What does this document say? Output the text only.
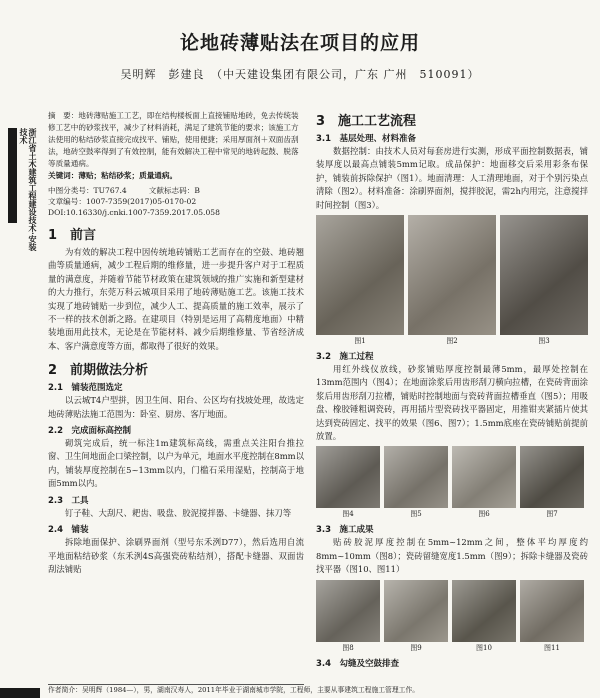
论地砖薄贴法在项目的应用
吴明辉　彭建良　（中天建设集团有限公司，广东 广州　510091）
浙江省土木建筑工程建设技术·安装技术
摘　要：地砖薄贴施工工艺，即在结构楼板面上直接铺贴地砖，免去传统装修工艺中的砂浆找平，减少了材料消耗，满足了建筑节能的要求；该施工方法使用的粘结砂浆直接完成找平、铺贴，使用便捷；采用厚面剂＋双面齿刮法，地砖空鼓率得到了有效控制，能有效解决工程中常见的地砖起鼓、脱落等质量通病。
关键词：薄贴；粘结砂浆；质量通病。
中图分类号：TU767.4	文献标志码：B
文章编号：1007-7359(2017)05-0170-02
DOI:10.16330/j.cnki.1007-7359.2017.05.058
1　前言

为有效的解决工程中因传统地砖铺贴工艺而存在的空鼓、地砖翘曲等质量通病，减少工程后期的维修量，进一步提升客户对于工程质量的满意度，并随着节能节材政策在建筑领域的推广实施和新型建材的大力推行，东莞万科云城项目采用了地砖薄贴施工艺。该施工技术实现了地砖铺贴一步到位，减少人工、提高质量的施工效率，展示了不一样的技术创新之路。在建项目（特别是运用了高精度地面）中精装地面用此技术，无论是在节能材料、减少后期维修量、节省经济成本、客户满意度等方面，都取得了很好的效果。

2　前期做法分析
2.1　铺装范围选定

以云城T4户型拼，因卫生间、阳台、公区均有找坡处理，故选定地砖薄贴法施工范围为：卧室、厨房、客厅地面。

2.2　完成面标高控制

砌筑完成后，统一标注1m建筑标高线，需重点关注阳台推拉窗、卫生间地面企口梁控制，以户为单元，地面水平度控制在8mm以内，铺装厚度控制在5~13mm以内，门槛石采用湿贴，控制高于地面5mm以内。

2.3　工具

钉子鞋、大刮尺、耙齿、吸盘、胶泥搅拌器、卡缝器、抹刀等

2.4　铺装

拆除地面保护、涂刷界面剂（型号东禾洌D77），然后选用自流平地面粘结砂浆（东禾洌4S高强瓷砖粘结剂），搭配卡缝器、双面齿刮法铺贴

3　施工工艺流程
3.1　基层处理、材料准备

数据控制：由技术人员对每套房进行实测，形成平面控制数据表，铺装厚度以最高点铺装5mm记取。成品保护：地面移交后采用彩条布保护，铺装前拆除保护（图1）。地面清理：人工清理地面，对于个别污染点清除（图2）。材料准备：涂刷界面剂，搅拌胶泥，需2h内用完，注意搅拌时间控制（图3）。

图1	图2	图3
3.2　施工过程

用红外线仪放线，砂浆铺贴厚度控制最薄5mm，最厚处控制在13mm范围内（图4）；在地面涂浆后用齿形刮刀横向拉槽，在瓷砖背面涂浆后用齿形刮刀拉槽，铺贴时控制地面与瓷砖背面拉槽垂直（图5）；用吸盘、橡胶锤粗调瓷砖，再用插片型瓷砖找平器固定，用推钳夹紧插片使其达到瓷砖固定、找平的效果（图6、图7）；1.5mm底座在瓷砖铺贴前提前放置。

图4	图5	图6	图7
3.3　施工成果

贴砖胶泥厚度控制在5mm~12mm之间，整体平均厚度约8mm~10mm（图8）；瓷砖留缝宽度1.5mm（图9）；拆除卡缝器及瓷砖找平器（图10、图11）

图8	图9	图10	图11
3.4　勾缝及空鼓排查
作者简介：吴明辉（1984—），男，湖南汉寿人，2011年毕业于湖南城市学院，工程师，主要从事建筑工程施工管理工作。
